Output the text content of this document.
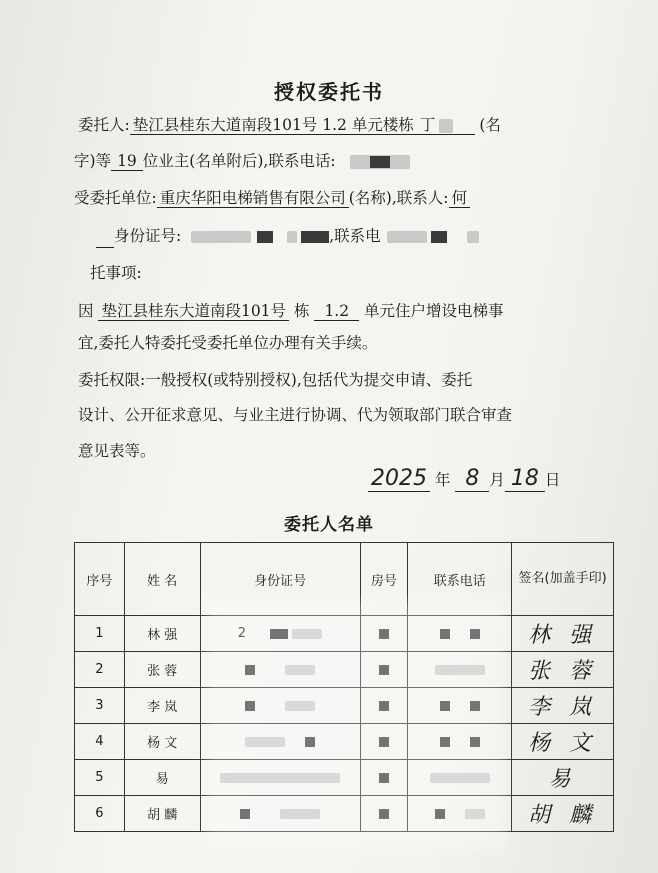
授权委托书
委托人: 垫江县桂东大道南段101号 1.2 单元楼栋 丁	(名
字)等 19 位业主(名单附后),联系电话:
受委托单位: 重庆华阳电梯销售有限公司 (名称),联系人: 何
身份证号:	,联系电
托事项:
因 垫江县桂东大道南段101号 栋 1.2 单元住户增设电梯事
宜,委托人特委托受委托单位办理有关手续。
委托权限:一般授权(或特别授权),包括代为提交申请、委托
设计、公开征求意见、与业主进行协调、代为领取部门联合审查
意见表等。
2025 年 8 月 18 日
委托人名单
序号	姓 名	身份证号	房号	联系电话	签名(加盖手印)
1	林 强	2			林 强
2	张 蓉				张 蓉
3	李 岚				李 岚
4	杨 文				杨 文
5	易				易
6	胡 麟				胡 麟
